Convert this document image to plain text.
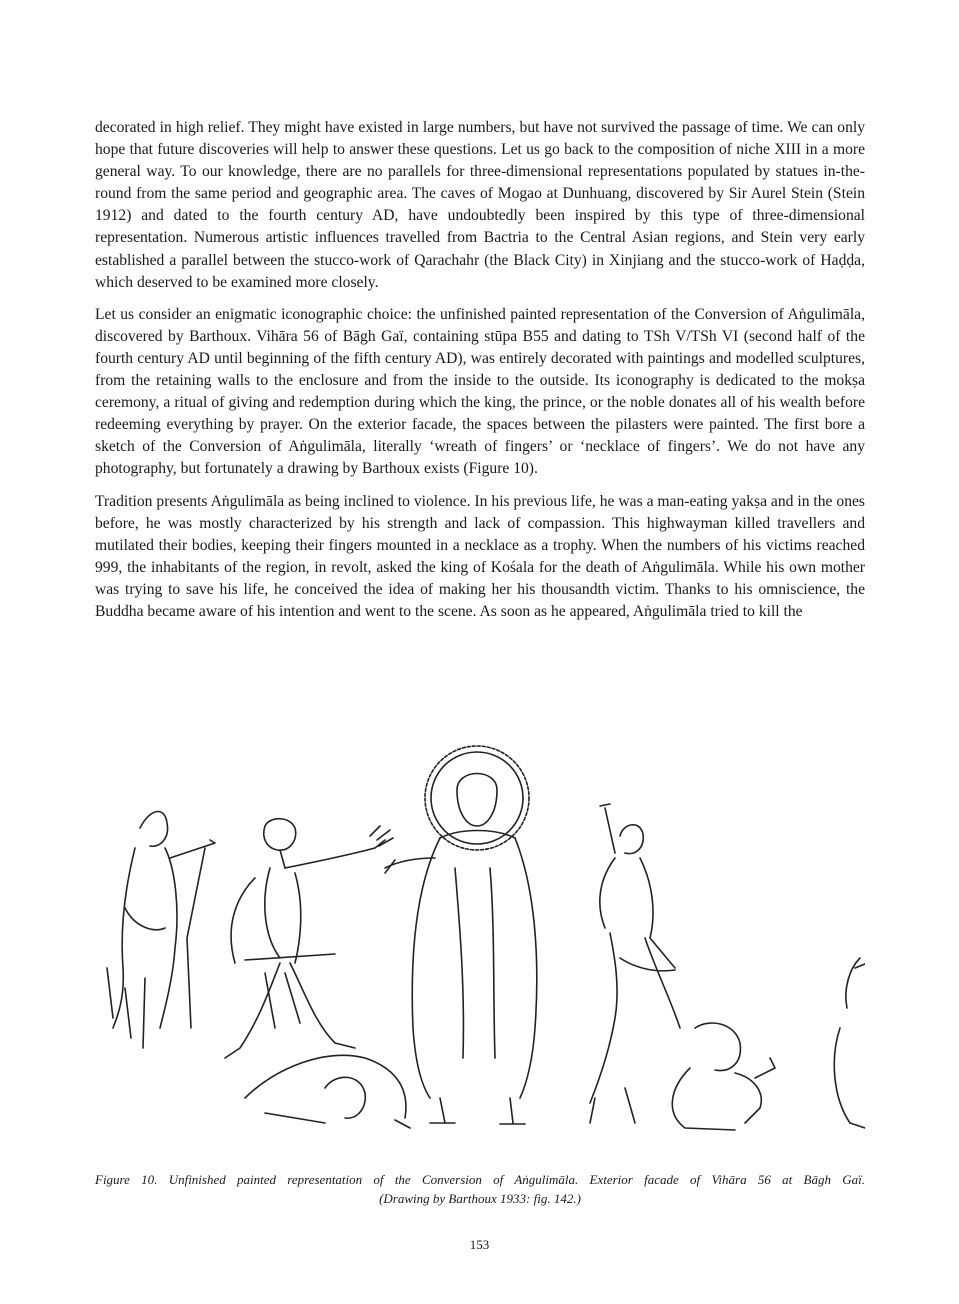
decorated in high relief. They might have existed in large numbers, but have not survived the passage of time. We can only hope that future discoveries will help to answer these questions. Let us go back to the composition of niche XIII in a more general way. To our knowledge, there are no parallels for three-dimensional representations populated by statues in-the-round from the same period and geographic area. The caves of Mogao at Dunhuang, discovered by Sir Aurel Stein (Stein 1912) and dated to the fourth century AD, have undoubtedly been inspired by this type of three-dimensional representation. Numerous artistic influences travelled from Bactria to the Central Asian regions, and Stein very early established a parallel between the stucco-work of Qarachahr (the Black City) in Xinjiang and the stucco-work of Haḍḍa, which deserved to be examined more closely.

Let us consider an enigmatic iconographic choice: the unfinished painted representation of the Conversion of Aṅgulimāla, discovered by Barthoux. Vihāra 56 of Bāgh Gaï, containing stūpa B55 and dating to TSh V/TSh VI (second half of the fourth century AD until beginning of the fifth century AD), was entirely decorated with paintings and modelled sculptures, from the retaining walls to the enclosure and from the inside to the outside. Its iconography is dedicated to the mokṣa ceremony, a ritual of giving and redemption during which the king, the prince, or the noble donates all of his wealth before redeeming everything by prayer. On the exterior facade, the spaces between the pilasters were painted. The first bore a sketch of the Conversion of Aṅgulimāla, literally ‘wreath of fingers’ or ‘necklace of fingers’. We do not have any photography, but fortunately a drawing by Barthoux exists (Figure 10).

Tradition presents Aṅgulimāla as being inclined to violence. In his previous life, he was a man-eating yakṣa and in the ones before, he was mostly characterized by his strength and lack of compassion. This highwayman killed travellers and mutilated their bodies, keeping their fingers mounted in a necklace as a trophy. When the numbers of his victims reached 999, the inhabitants of the region, in revolt, asked the king of Kośala for the death of Aṅgulimāla. While his own mother was trying to save his life, he conceived the idea of making her his thousandth victim. Thanks to his omniscience, the Buddha became aware of his intention and went to the scene. As soon as he appeared, Aṅgulimāla tried to kill the

Figure 10. Unfinished painted representation of the Conversion of Aṅgulimāla. Exterior facade of Vihāra 56 at Bāgh Gaï.
(Drawing by Barthoux 1933: fig. 142.)
153
